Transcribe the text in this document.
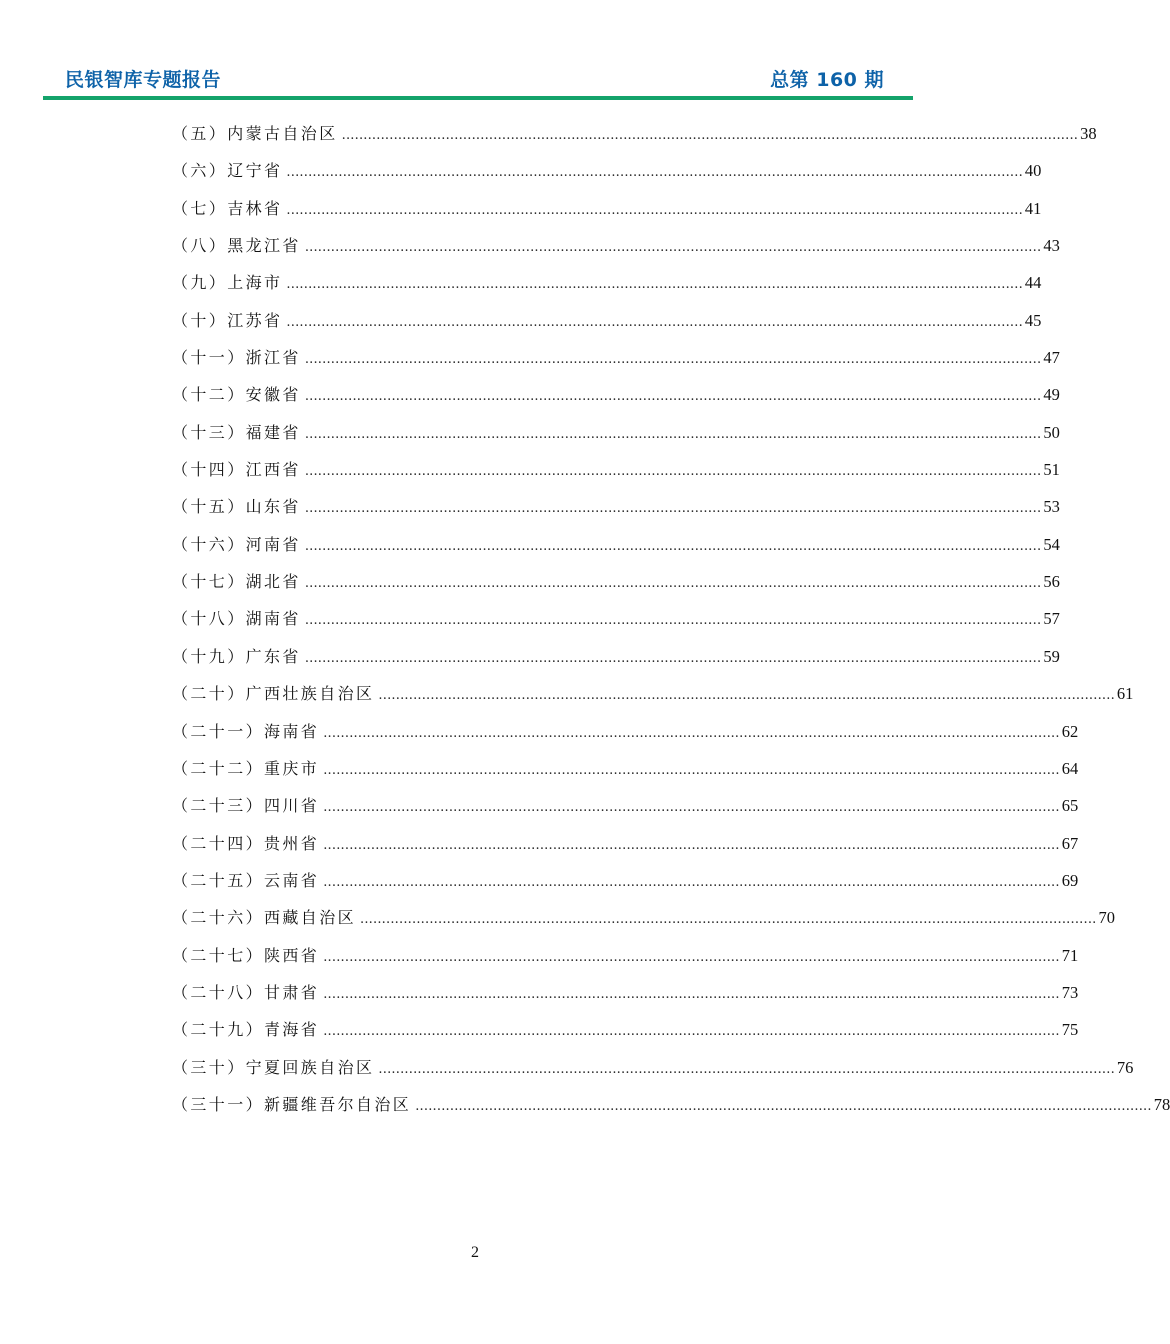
民银智库专题报告	总第 160 期
（五）内蒙古自治区 .......................................................................................................................................................................... 38
（六）辽宁省 .......................................................................................................................................................................... 40
（七）吉林省 .......................................................................................................................................................................... 41
（八）黑龙江省 .......................................................................................................................................................................... 43
（九）上海市 .......................................................................................................................................................................... 44
（十）江苏省 .......................................................................................................................................................................... 45
（十一）浙江省 .......................................................................................................................................................................... 47
（十二）安徽省 .......................................................................................................................................................................... 49
（十三）福建省 .......................................................................................................................................................................... 50
（十四）江西省 .......................................................................................................................................................................... 51
（十五）山东省 .......................................................................................................................................................................... 53
（十六）河南省 .......................................................................................................................................................................... 54
（十七）湖北省 .......................................................................................................................................................................... 56
（十八）湖南省 .......................................................................................................................................................................... 57
（十九）广东省 .......................................................................................................................................................................... 59
（二十）广西壮族自治区 .......................................................................................................................................................................... 61
（二十一）海南省 .......................................................................................................................................................................... 62
（二十二）重庆市 .......................................................................................................................................................................... 64
（二十三）四川省 .......................................................................................................................................................................... 65
（二十四）贵州省 .......................................................................................................................................................................... 67
（二十五）云南省 .......................................................................................................................................................................... 69
（二十六）西藏自治区 .......................................................................................................................................................................... 70
（二十七）陕西省 .......................................................................................................................................................................... 71
（二十八）甘肃省 .......................................................................................................................................................................... 73
（二十九）青海省 .......................................................................................................................................................................... 75
（三十）宁夏回族自治区 .......................................................................................................................................................................... 76
（三十一）新疆维吾尔自治区 .......................................................................................................................................................................... 78
2
